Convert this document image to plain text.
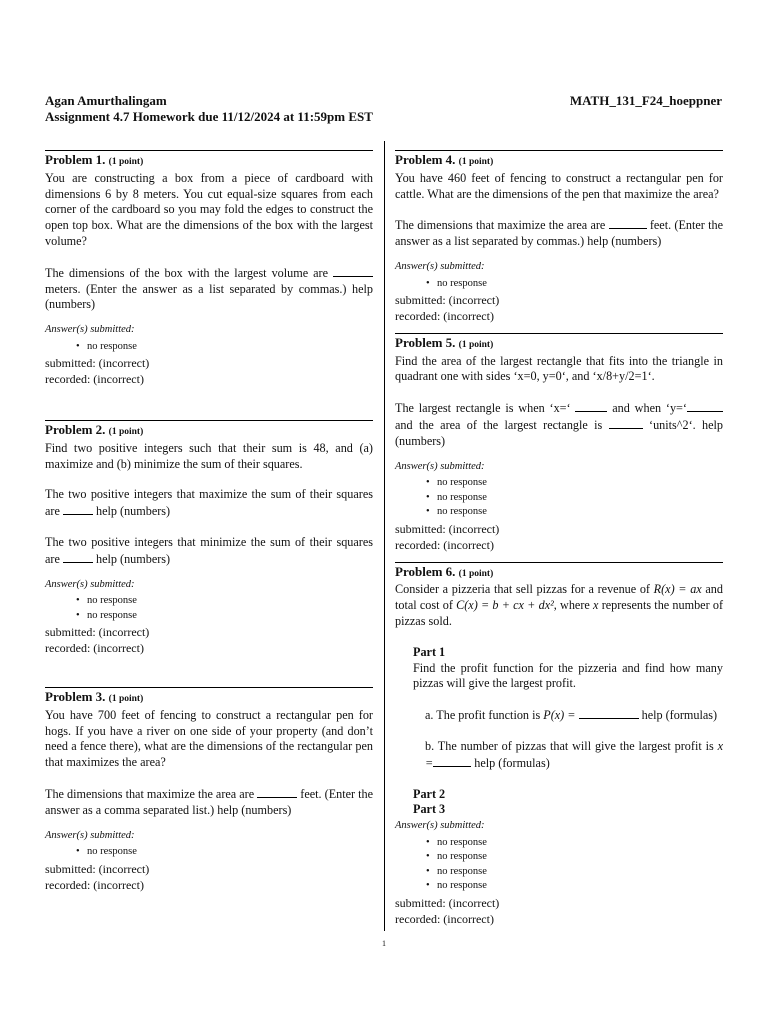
Agan Amurthalingam
Assignment 4.7 Homework due 11/12/2024 at 11:59pm EST
MATH_131_F24_hoeppner
Problem 1. (1 point)

You are constructing a box from a piece of cardboard with dimensions 6 by 8 meters. You cut equal-size squares from each corner of the cardboard so you may fold the edges to construct the open top box. What are the dimensions of the box with the largest volume?

The dimensions of the box with the largest volume are  meters. (Enter the answer as a list separated by commas.) help (numbers)

Answer(s) submitted:
• no response
submitted: (incorrect)
recorded: (incorrect)
Problem 2. (1 point)

Find two positive integers such that their sum is 48, and (a) maximize and (b) minimize the sum of their squares.

The two positive integers that maximize the sum of their squares are	help (numbers)

The two positive integers that minimize the sum of their squares are	help (numbers)

Answer(s) submitted:
• no response
• no response
submitted: (incorrect)
recorded: (incorrect)
Problem 3. (1 point)

You have 700 feet of fencing to construct a rectangular pen for hogs. If you have a river on one side of your property (and don’t need a fence there), what are the dimensions of the rectangular pen that maximizes the area?

The dimensions that maximize the area are	feet. (Enter the answer as a comma separated list.) help (numbers)

Answer(s) submitted:
• no response
submitted: (incorrect)
recorded: (incorrect)
Problem 4. (1 point)

You have 460 feet of fencing to construct a rectangular pen for cattle. What are the dimensions of the pen that maximize the area?

The dimensions that maximize the area are	feet. (Enter the answer as a list separated by commas.) help (numbers)

Answer(s) submitted:
• no response
submitted: (incorrect)
recorded: (incorrect)
Problem 5. (1 point)

Find the area of the largest rectangle that fits into the triangle in quadrant one with sides ‘x=0, y=0‘, and ‘x/8+y/2=1‘.

The largest rectangle is when ‘x=‘	and when ‘y=‘ and the area of the largest rectangle is	‘units^2‘. help (numbers)

Answer(s) submitted:
• no response
• no response
• no response
submitted: (incorrect)
recorded: (incorrect)
Problem 6. (1 point)

Consider a pizzeria that sell pizzas for a revenue of R(x) = ax and total cost of C(x) = b + cx + dx², where x represents the number of pizzas sold.

Part 1

Find the profit function for the pizzeria and find how many pizzas will give the largest profit.

a. The profit function is P(x) =	help (formulas)

b. The number of pizzas that will give the largest profit is x =	help (formulas)

Part 2
Part 3
Answer(s) submitted:
• no response
• no response
• no response
• no response
submitted: (incorrect)
recorded: (incorrect)
1
